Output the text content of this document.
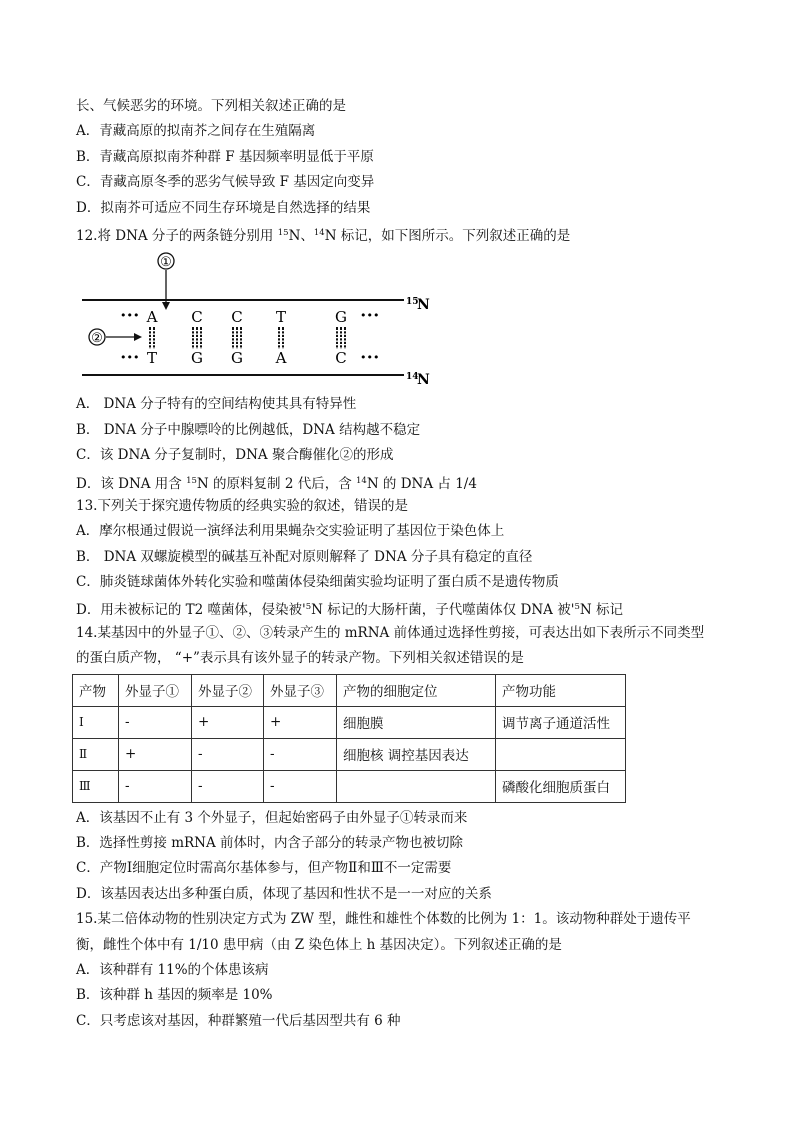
长、气候恶劣的环境。下列相关叙述正确的是
A．青藏高原的拟南芥之间存在生殖隔离
B．青藏高原拟南芥种群 F 基因频率明显低于平原
C．青藏高原冬季的恶劣气候导致 F 基因定向变异
D．拟南芥可适应不同生存环境是自然选择的结果
12.将 DNA 分子的两条链分别用 $^{15}$N、$^{14}$N 标记，如下图所示。下列叙述正确的是
①
②
•••
•••
•••
•••
A C C T	G
T G G A	C
15
N
14
N
A． DNA 分子特有的空间结构使其具有特异性
B． DNA 分子中腺嘌呤的比例越低，DNA 结构越不稳定
C．该 DNA 分子复制时，DNA 聚合酶催化②的形成
D．该 DNA 用含 $^{15}$N 的原料复制 2 代后，含 $^{14}$N 的 DNA 占 1/4
13.下列关于探究遗传物质的经典实验的叙述，错误的是
A．摩尔根通过假说一演绎法利用果蝇杂交实验证明了基因位于染色体上
B． DNA 双螺旋模型的碱基互补配对原则解释了 DNA 分子具有稳定的直径
C．肺炎链球菌体外转化实验和噬菌体侵染细菌实验均证明了蛋白质不是遗传物质
D．用未被标记的 T2 噬菌体，侵染被'$^5N$ 标记的大肠杆菌，子代噬菌体仅 DNA 被'$^5N$ 标记
14.某基因中的外显子①、②、③转录产生的 mRNA 前体通过选择性剪接，可表达出如下表所示不同类型
的蛋白质产物， “+”表示具有该外显子的转录产物。下列相关叙述错误的是
产物	外显子①	外显子②	外显子③	产物的细胞定位	产物功能
I	-	+	+	细胞膜	调节离子通道活性
Ⅱ	+	-	-	细胞核 调控基因表达	
Ⅲ	-	-	-		磷酸化细胞质蛋白
A．该基因不止有 3 个外显子，但起始密码子由外显子①转录而来
B．选择性剪接 mRNA 前体时，内含子部分的转录产物也被切除
C．产物Ⅰ细胞定位时需高尔基体参与，但产物Ⅱ和Ⅲ不一定需要
D．该基因表达出多种蛋白质，体现了基因和性状不是一一对应的关系
15.某二倍体动物的性别决定方式为 ZW 型，雌性和雄性个体数的比例为 1：1。该动物种群处于遗传平
衡，雌性个体中有 1/10 患甲病（由 Z 染色体上 h 基因决定）。下列叙述正确的是
A．该种群有 11%的个体患该病
B．该种群 h 基因的频率是 10%
C．只考虑该对基因，种群繁殖一代后基因型共有 6 种
